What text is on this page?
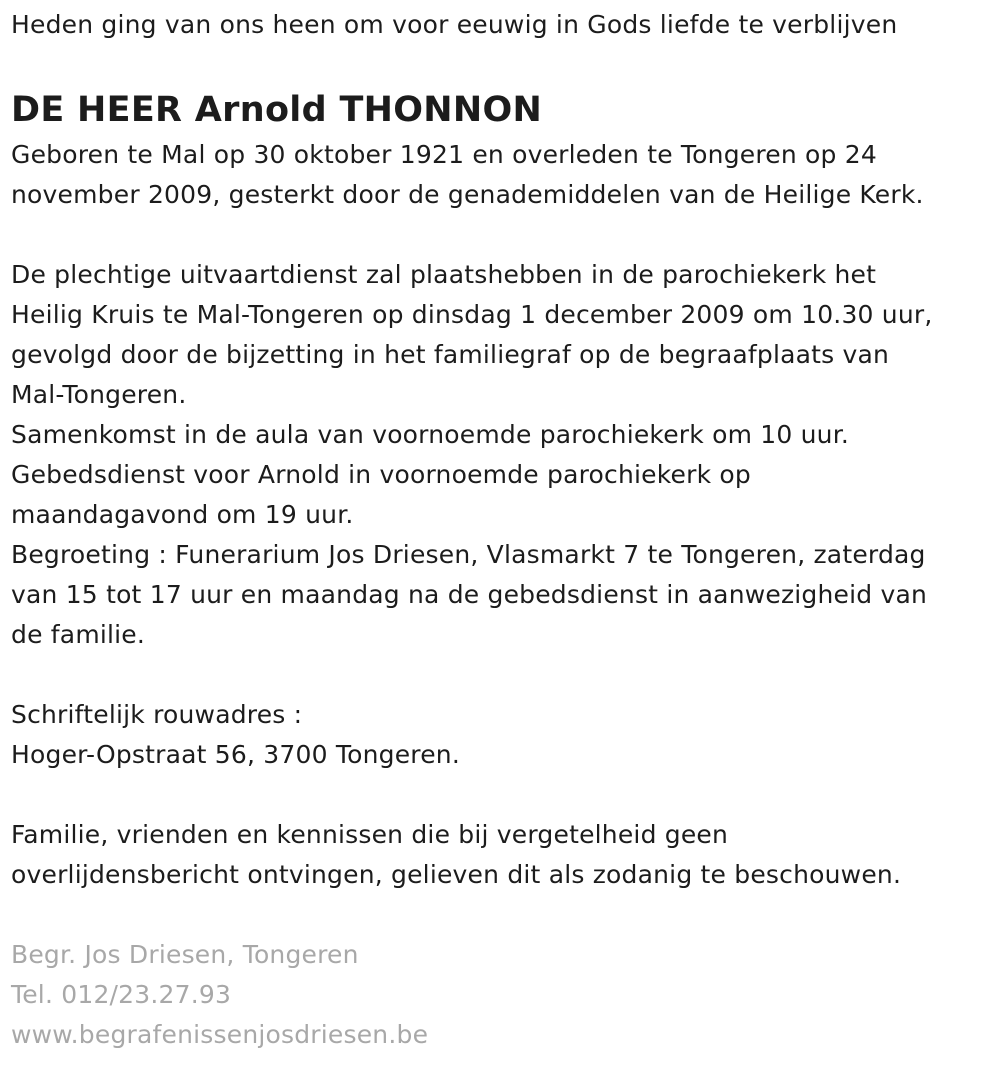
Heden ging van ons heen om voor eeuwig in Gods liefde te verblijven
DE HEER Arnold THONNON
Geboren te Mal op 30 oktober 1921 en overleden te Tongeren op 24
november 2009, gesterkt door de genademiddelen van de Heilige Kerk.
De plechtige uitvaartdienst zal plaatshebben in de parochiekerk het
Heilig Kruis te Mal-Tongeren op dinsdag 1 december 2009 om 10.30 uur,
gevolgd door de bijzetting in het familiegraf op de begraafplaats van
Mal-Tongeren.
Samenkomst in de aula van voornoemde parochiekerk om 10 uur.
Gebedsdienst voor Arnold in voornoemde parochiekerk op
maandagavond om 19 uur.
Begroeting : Funerarium Jos Driesen, Vlasmarkt 7 te Tongeren, zaterdag
van 15 tot 17 uur en maandag na de gebedsdienst in aanwezigheid van
de familie.
Schriftelijk rouwadres :
Hoger-Opstraat 56, 3700 Tongeren.
Familie, vrienden en kennissen die bij vergetelheid geen
overlijdensbericht ontvingen, gelieven dit als zodanig te beschouwen.
Begr. Jos Driesen, Tongeren
Tel. 012/23.27.93
www.begrafenissenjosdriesen.be
